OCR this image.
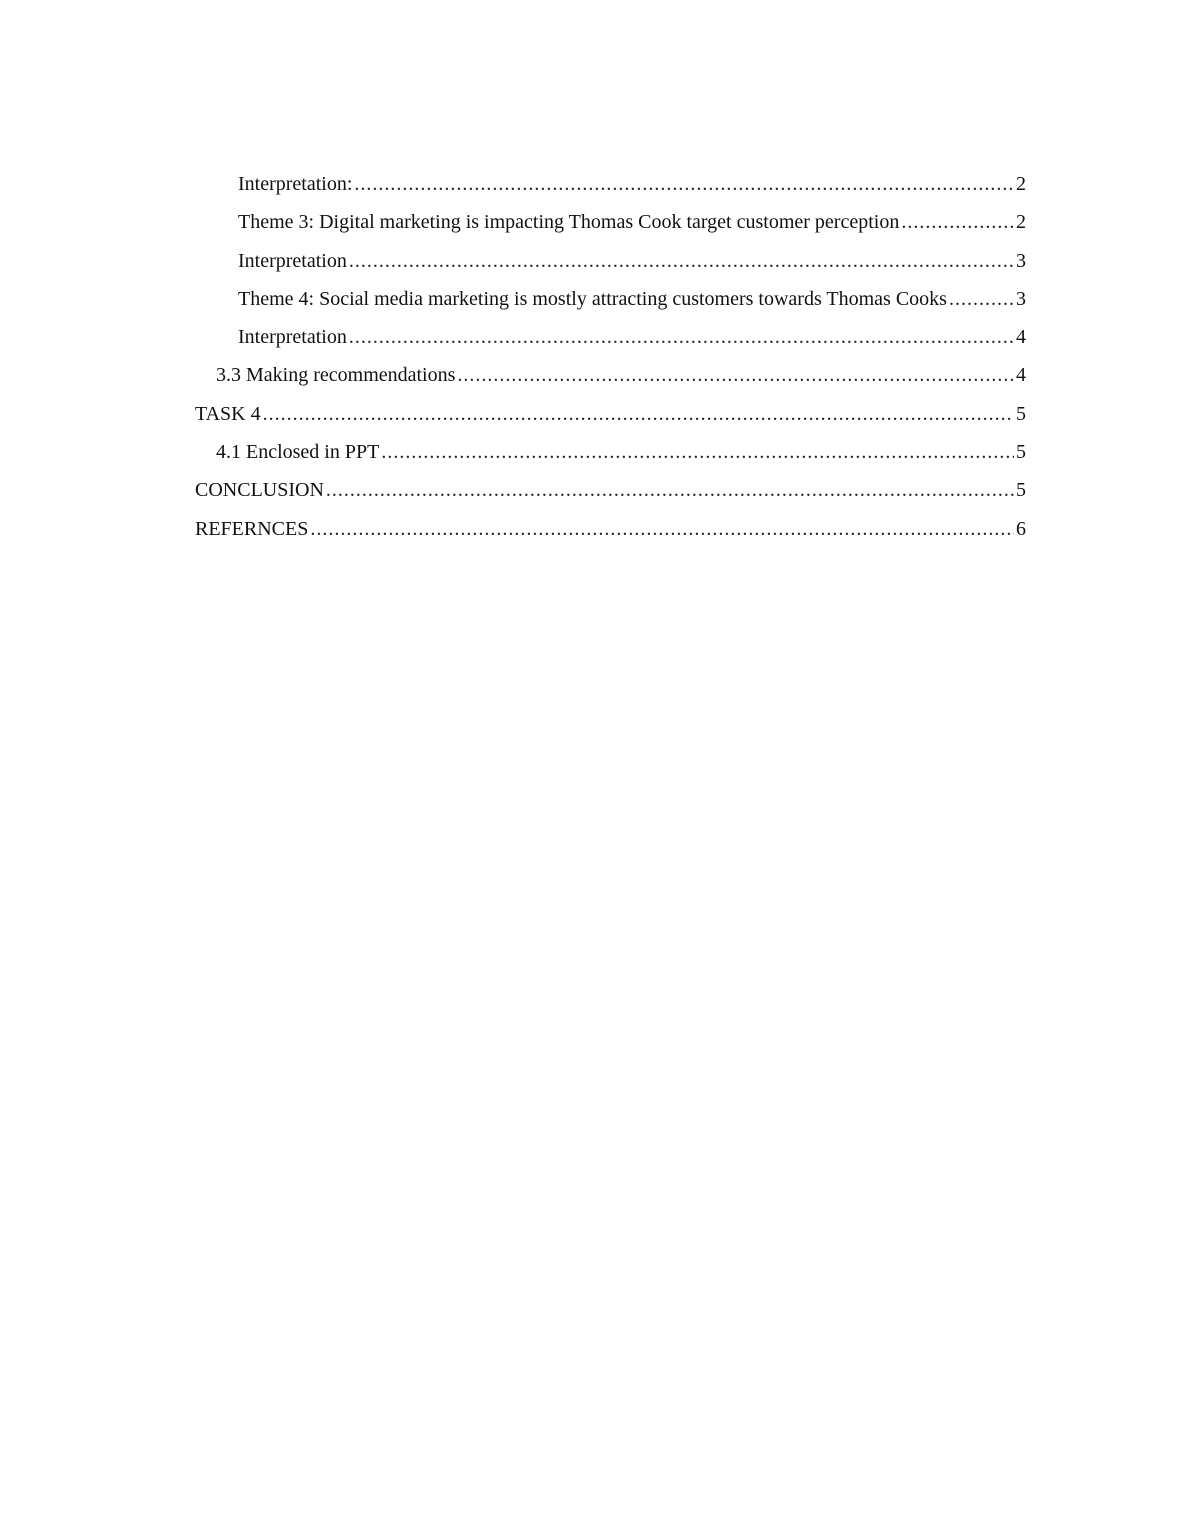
Interpretation: .....	2
Theme 3: Digital marketing is impacting Thomas Cook target customer perception .....	2
Interpretation .....	3
Theme 4: Social media marketing is mostly attracting customers towards Thomas Cooks .....	3
Interpretation .....	4
3.3 Making recommendations .....	4
TASK 4 .....	5
4.1 Enclosed in PPT .....	5
CONCLUSION .....	5
REFERNCES .....	6
